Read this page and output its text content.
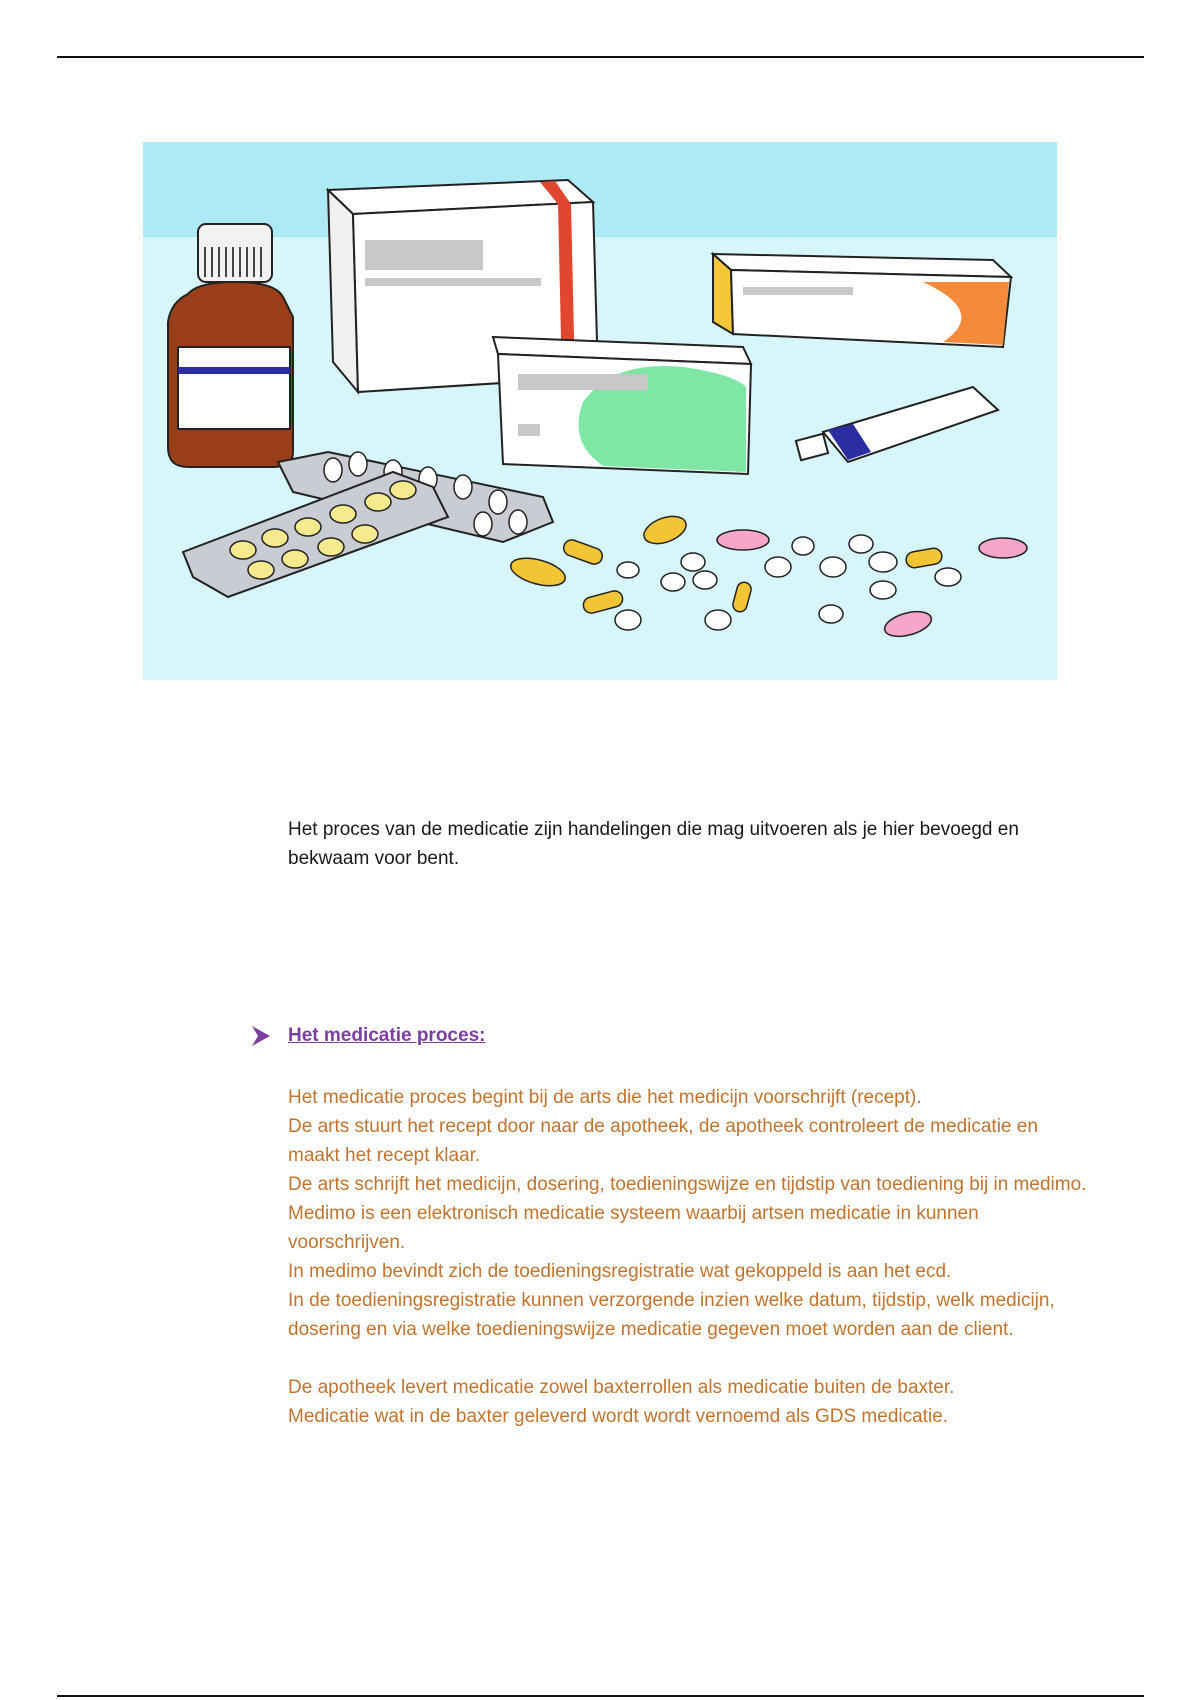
Het proces van de medicatie zijn handelingen die mag uitvoeren als je hier bevoegd en bekwaam voor bent.

Het medicatie proces:

Het medicatie proces begint bij de arts die het medicijn voorschrijft (recept).

De arts stuurt het recept door naar de apotheek, de apotheek controleert de medicatie en maakt het recept klaar.

De arts schrijft het medicijn, dosering, toedieningswijze en tijdstip van toediening bij in medimo.

Medimo is een elektronisch medicatie systeem waarbij artsen medicatie in kunnen voorschrijven.

In medimo bevindt zich de toedieningsregistratie wat gekoppeld is aan het ecd.

In de toedieningsregistratie kunnen verzorgende inzien welke datum, tijdstip, welk medicijn, dosering en via welke toedieningswijze medicatie gegeven moet worden aan de client.

De apotheek levert medicatie zowel baxterrollen als medicatie buiten de baxter.

Medicatie wat in de baxter geleverd wordt wordt vernoemd als GDS medicatie.
